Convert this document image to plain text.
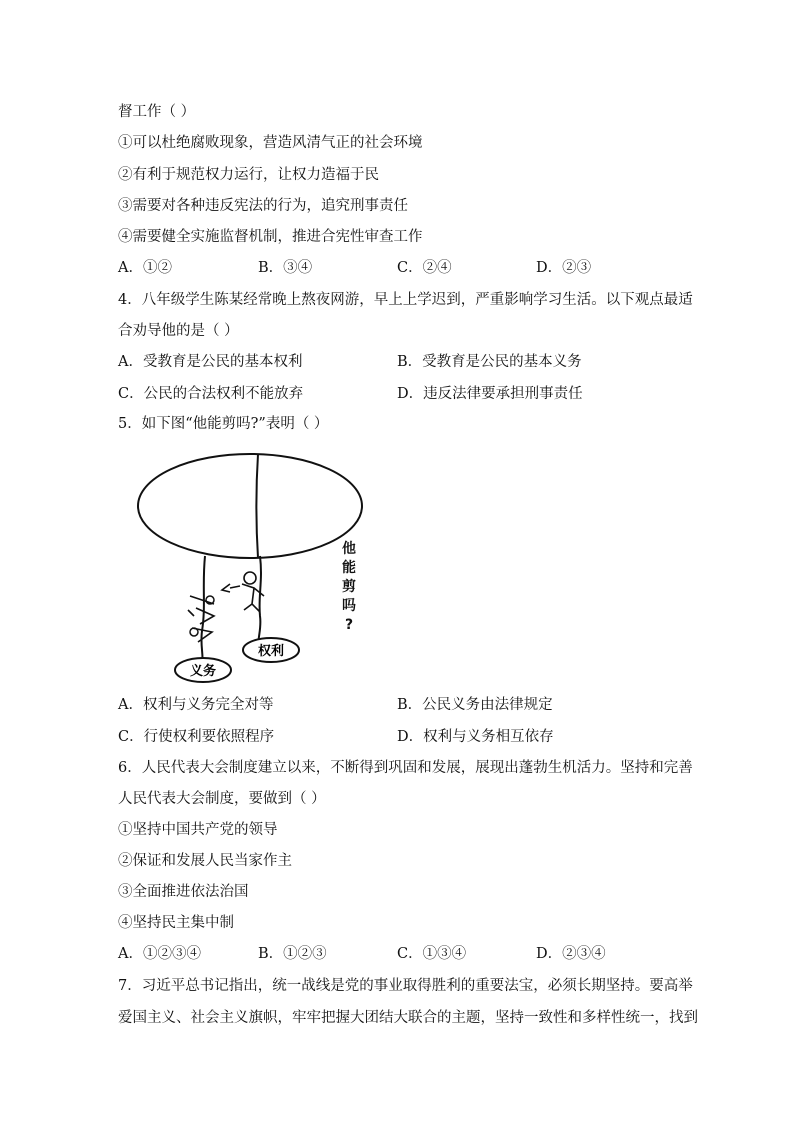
督工作（ ）
①可以杜绝腐败现象，营造风清气正的社会环境
②有利于规范权力运行，让权力造福于民
③需要对各种违反宪法的行为，追究刑事责任
④需要健全实施监督机制，推进合宪性审查工作
A．①②	B．③④	C．②④	D．②③
4．八年级学生陈某经常晚上熬夜网游，早上上学迟到，严重影响学习生活。以下观点最适
合劝导他的是（ ）
A．受教育是公民的基本权利	B．受教育是公民的基本义务
C．公民的合法权利不能放弃	D．违反法律要承担刑事责任
5．如下图“他能剪吗?”表明（ ）
义务
权利
他
能
剪
吗
?
A．权利与义务完全对等	B．公民义务由法律规定
C．行使权利要依照程序	D．权利与义务相互依存
6．人民代表大会制度建立以来，不断得到巩固和发展，展现出蓬勃生机活力。坚持和完善
人民代表大会制度，要做到（ ）
①坚持中国共产党的领导
②保证和发展人民当家作主
③全面推进依法治国
④坚持民主集中制
A．①②③④	B．①②③	C．①③④	D．②③④
7．习近平总书记指出，统一战线是党的事业取得胜利的重要法宝，必须长期坚持。要高举
爱国主义、社会主义旗帜，牢牢把握大团结大联合的主题，坚持一致性和多样性统一，找到
